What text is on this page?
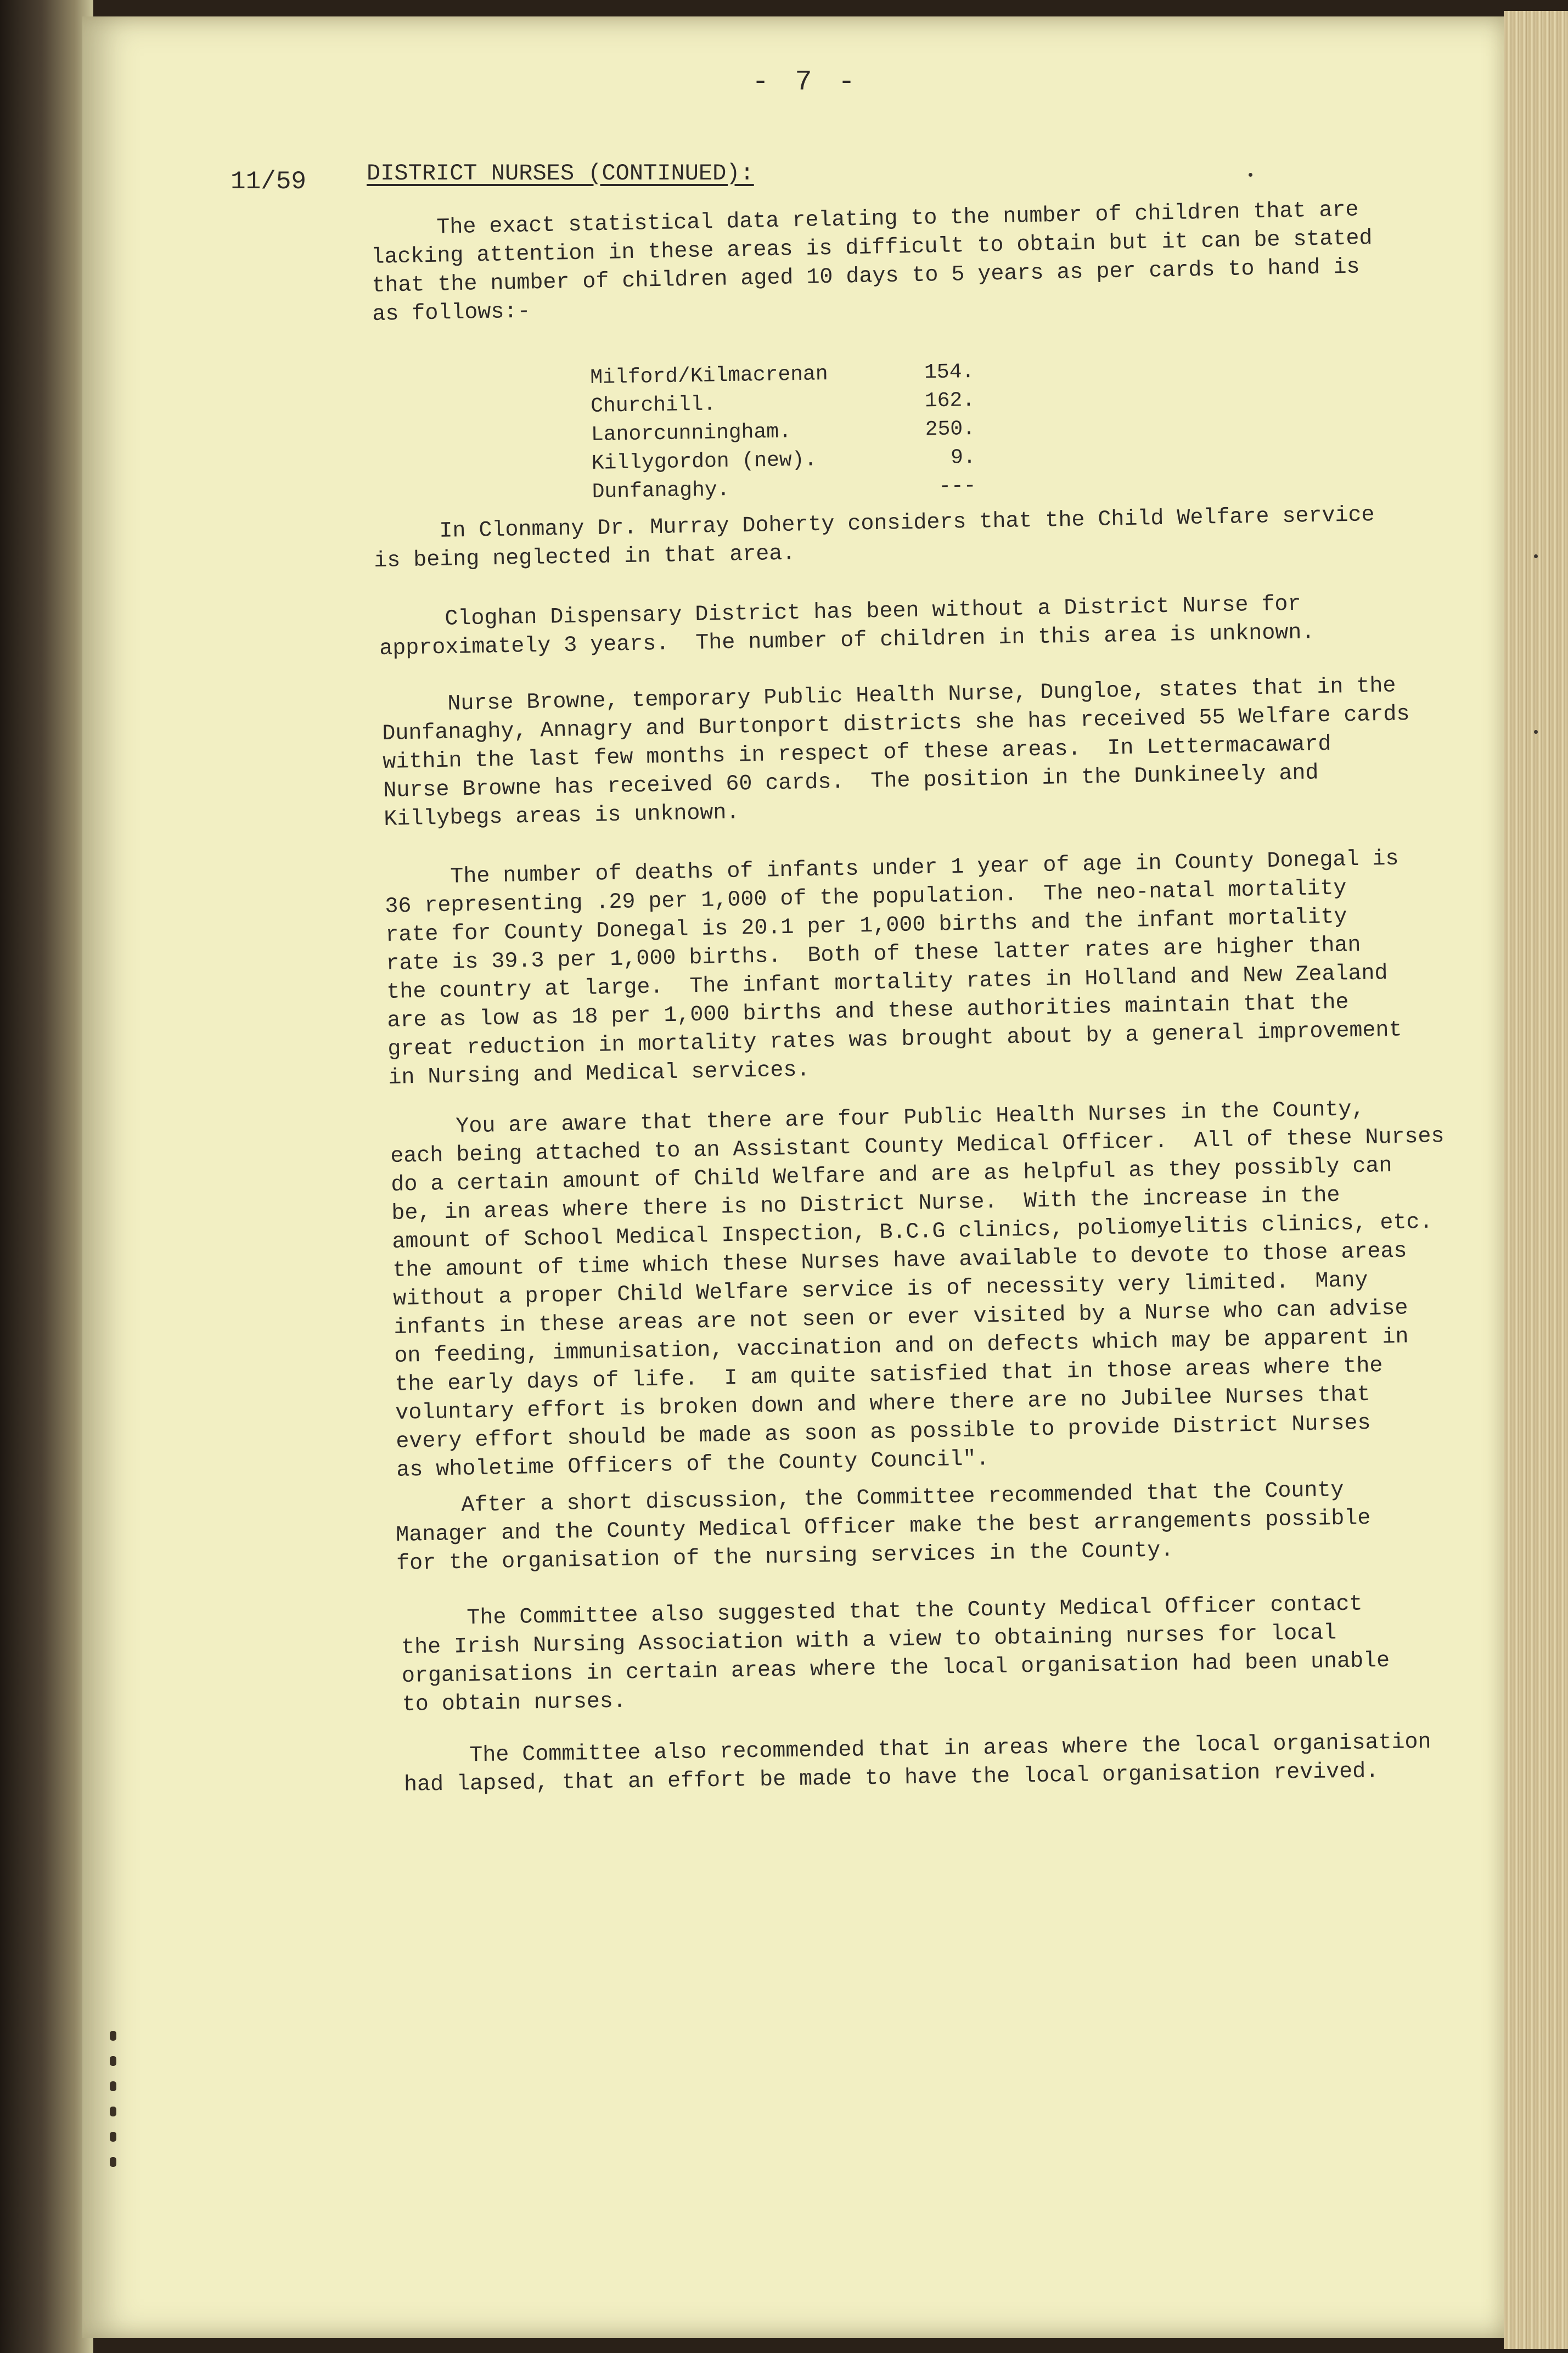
- 7 -
11/59	DISTRICT NURSES (CONTINUED):

The exact statistical data relating to the number of children that are
lacking attention in these areas is difficult to obtain but it can be stated
that the number of children aged 10 days to 5 years as per cards to hand is
as follows:-

Milford/Kilmacrenan	154.
Churchill.	162.
Lanorcunningham.	250.
Killygordon (new).	9.
Dunfanaghy.	---

In Clonmany Dr. Murray Doherty considers that the Child Welfare service
is being neglected in that area.

Cloghan Dispensary District has been without a District Nurse for
approximately 3 years.  The number of children in this area is unknown.

Nurse Browne, temporary Public Health Nurse, Dungloe, states that in the
Dunfanaghy, Annagry and Burtonport districts she has received 55 Welfare cards
within the last few months in respect of these areas.  In Lettermacaward
Nurse Browne has received 60 cards.  The position in the Dunkineely and
Killybegs areas is unknown.

The number of deaths of infants under 1 year of age in County Donegal is
36 representing .29 per 1,000 of the population.  The neo-natal mortality
rate for County Donegal is 20.1 per 1,000 births and the infant mortality
rate is 39.3 per 1,000 births.  Both of these latter rates are higher than
the country at large.  The infant mortality rates in Holland and New Zealand
are as low as 18 per 1,000 births and these authorities maintain that the
great reduction in mortality rates was brought about by a general improvement
in Nursing and Medical services.

You are aware that there are four Public Health Nurses in the County,
each being attached to an Assistant County Medical Officer.  All of these Nurses
do a certain amount of Child Welfare and are as helpful as they possibly can
be, in areas where there is no District Nurse.  With the increase in the
amount of School Medical Inspection, B.C.G clinics, poliomyelitis clinics, etc.
the amount of time which these Nurses have available to devote to those areas
without a proper Child Welfare service is of necessity very limited.  Many
infants in these areas are not seen or ever visited by a Nurse who can advise
on feeding, immunisation, vaccination and on defects which may be apparent in
the early days of life.  I am quite satisfied that in those areas where the
voluntary effort is broken down and where there are no Jubilee Nurses that
every effort should be made as soon as possible to provide District Nurses
as wholetime Officers of the County Council".

After a short discussion, the Committee recommended that the County
Manager and the County Medical Officer make the best arrangements possible
for the organisation of the nursing services in the County.

The Committee also suggested that the County Medical Officer contact
the Irish Nursing Association with a view to obtaining nurses for local
organisations in certain areas where the local organisation had been unable
to obtain nurses.

The Committee also recommended that in areas where the local organisation
had lapsed, that an effort be made to have the local organisation revived.
